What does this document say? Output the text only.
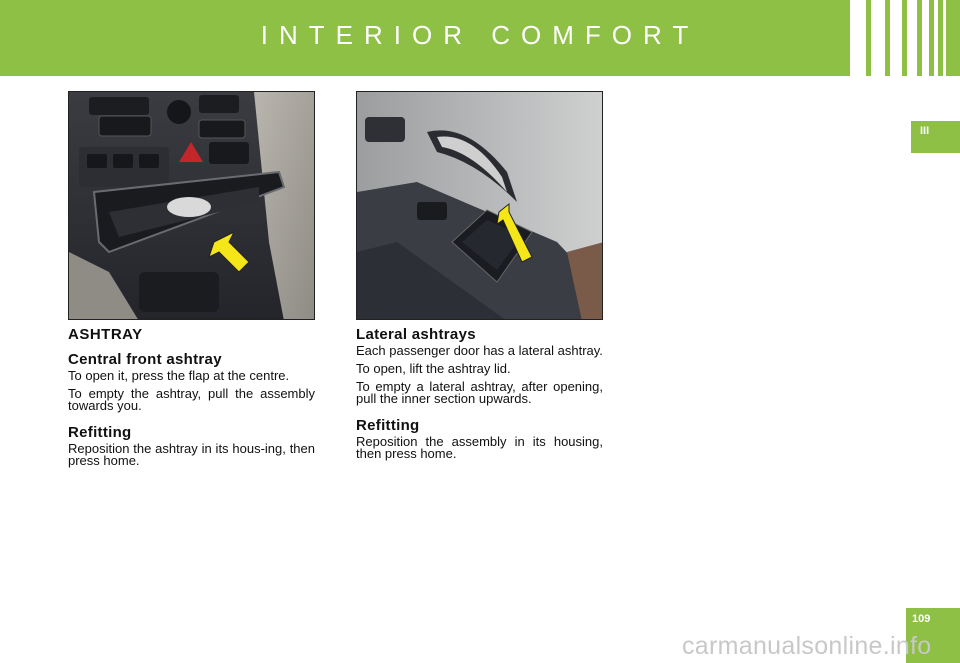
INTERIOR COMFORT
III
ASHTRAY
Central front ashtray
To open it, press the flap at the centre.
To empty the ashtray, pull the assembly towards you.
Refitting
Reposition the ashtray in its hous-ing, then press home.
Lateral ashtrays
Each passenger door has a lateral ashtray.
To open, lift the ashtray lid.
To empty a lateral ashtray, after opening, pull the inner section upwards.
Refitting
Reposition the assembly in its housing, then press home.
109
carmanualsonline.info
